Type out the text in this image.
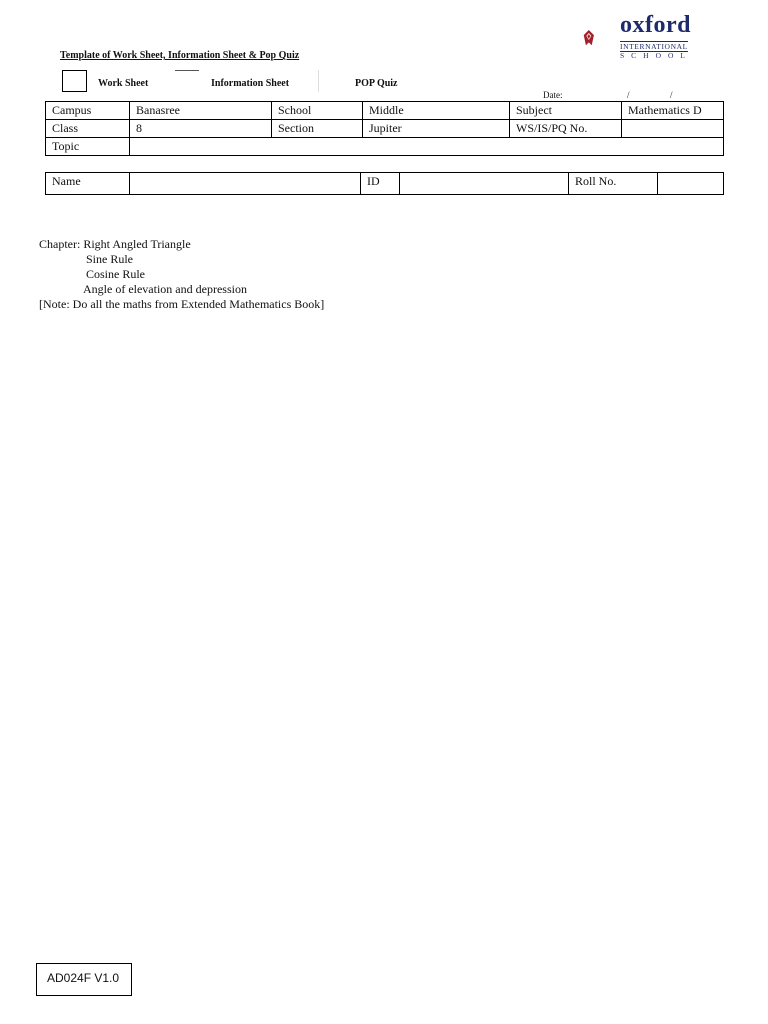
oxford
INTERNATIONAL
SCHOOL
Template of Work Sheet, Information Sheet & Pop Quiz
Work Sheet	Information Sheet	POP Quiz
Date:	/	/
Campus	Banasree	School	Middle	Subject	Mathematics D
Class	8	Section	Jupiter	WS/IS/PQ No.	
Topic					
Name		ID		Roll No.	
Chapter: Right Angled Triangle
Sine Rule
Cosine Rule
Angle of elevation and depression
[Note: Do all the maths from Extended Mathematics Book]
AD024F V1.0
